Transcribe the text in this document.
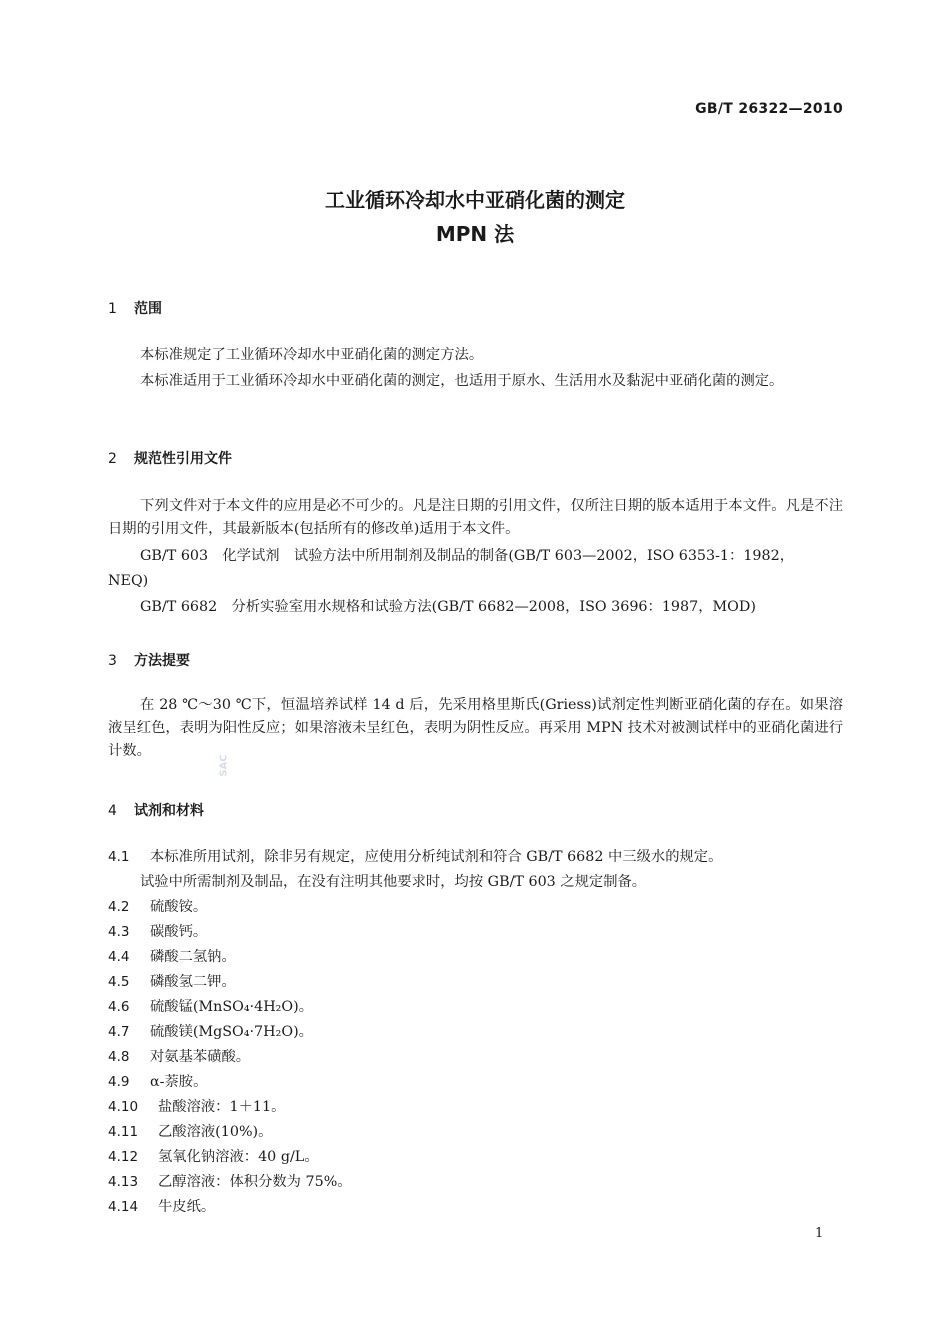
GB/T 26322—2010
工业循环冷却水中亚硝化菌的测定
MPN 法
1 范围
本标准规定了工业循环冷却水中亚硝化菌的测定方法。
本标准适用于工业循环冷却水中亚硝化菌的测定，也适用于原水、生活用水及黏泥中亚硝化菌的测定。
2 规范性引用文件
下列文件对于本文件的应用是必不可少的。凡是注日期的引用文件，仅所注日期的版本适用于本文件。凡是不注日期的引用文件，其最新版本(包括所有的修改单)适用于本文件。
GB/T 603　化学试剂　试验方法中所用制剂及制品的制备(GB/T 603—2002，ISO 6353-1：1982，
NEQ)
GB/T 6682　分析实验室用水规格和试验方法(GB/T 6682—2008，ISO 3696：1987，MOD)
3 方法提要
在 28 ℃～30 ℃下，恒温培养试样 14 d 后，先采用格里斯氏(Griess)试剂定性判断亚硝化菌的存在。如果溶液呈红色，表明为阳性反应；如果溶液未呈红色，表明为阴性反应。再采用 MPN 技术对被测试样中的亚硝化菌进行计数。
SAC
4 试剂和材料
4.1 本标准所用试剂，除非另有规定，应使用分析纯试剂和符合 GB/T 6682 中三级水的规定。
试验中所需制剂及制品，在没有注明其他要求时，均按 GB/T 603 之规定制备。
4.2 硫酸铵。
4.3 碳酸钙。
4.4 磷酸二氢钠。
4.5 磷酸氢二钾。
4.6 硫酸锰(MnSO₄·4H₂O)。
4.7 硫酸镁(MgSO₄·7H₂O)。
4.8 对氨基苯磺酸。
4.9 α-萘胺。
4.10 盐酸溶液：1＋11。
4.11 乙酸溶液(10%)。
4.12 氢氧化钠溶液：40 g/L。
4.13 乙醇溶液：体积分数为 75%。
4.14 牛皮纸。
1
